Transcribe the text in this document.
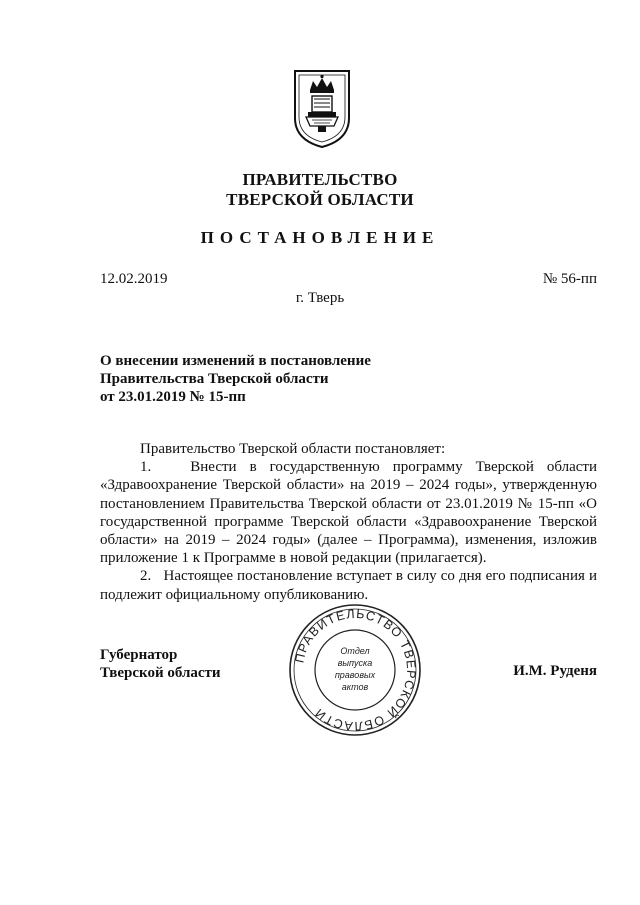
ПРАВИТЕЛЬСТВО
ТВЕРСКОЙ ОБЛАСТИ
ПОСТАНОВЛЕНИЕ
12.02.2019	№ 56-пп
г. Тверь
О внесении изменений в постановление
Правительства Тверской области
от 23.01.2019 № 15-пп

Правительство Тверской области постановляет:

1.   Внести в государственную программу Тверской области «Здравоохранение Тверской области» на 2019 – 2024 годы», утвержденную постановлением Правительства Тверской области от 23.01.2019 № 15-пп «О государственной программе Тверской области «Здравоохранение Тверской области» на 2019 – 2024 годы» (далее – Программа), изменения, изложив приложение 1 к Программе в новой редакции (прилагается).

2.   Настоящее постановление вступает в силу со дня его подписания и подлежит официальному опубликованию.

Губернатор
Тверской области	И.М. Руденя
ПРАВИТЕЛЬСТВО ТВЕРСКОЙ ОБЛАСТИ
Отдел
выпуска
правовых
актов
